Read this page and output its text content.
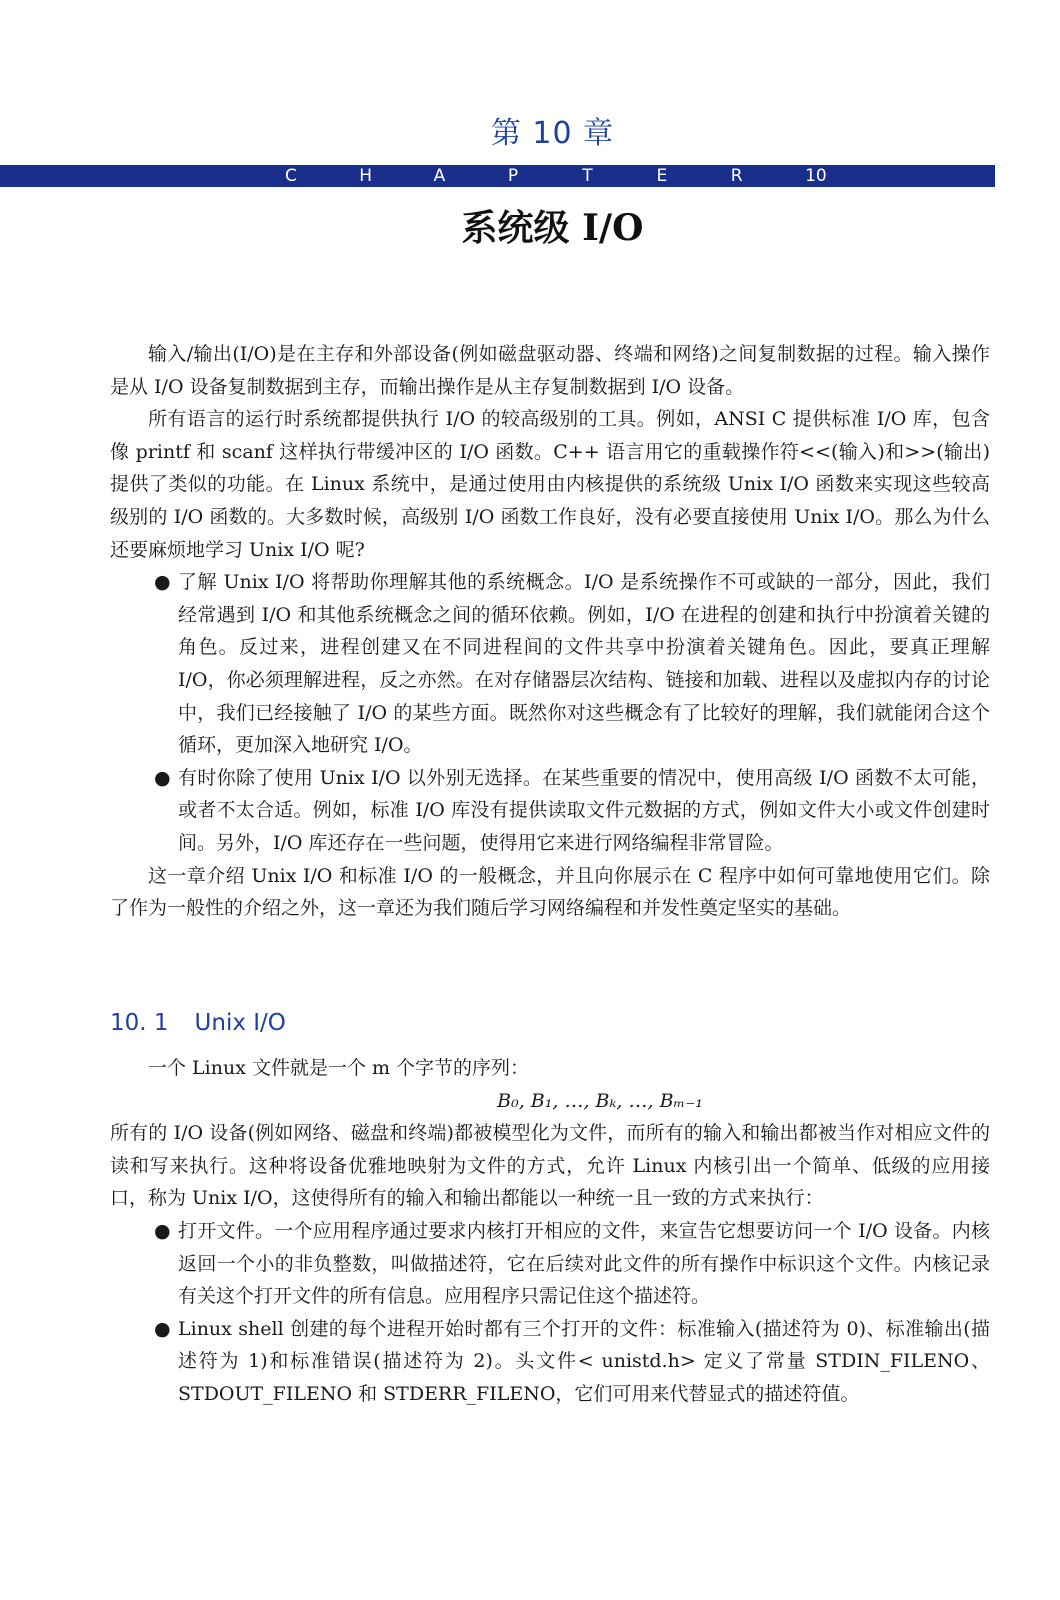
第 10 章
C	H	A	P	T	E	R	10
系统级 I/O

输入/输出(I/O)是在主存和外部设备(例如磁盘驱动器、终端和网络)之间复制数据的过程。输入操作是从 I/O 设备复制数据到主存，而输出操作是从主存复制数据到 I/O 设备。

所有语言的运行时系统都提供执行 I/O 的较高级别的工具。例如，ANSI C 提供标准 I/O 库，包含像 printf 和 scanf 这样执行带缓冲区的 I/O 函数。C++ 语言用它的重载操作符<<(输入)和>>(输出)提供了类似的功能。在 Linux 系统中，是通过使用由内核提供的系统级 Unix I/O 函数来实现这些较高级别的 I/O 函数的。大多数时候，高级别 I/O 函数工作良好，没有必要直接使用 Unix I/O。那么为什么还要麻烦地学习 Unix I/O 呢?

● 了解 Unix I/O 将帮助你理解其他的系统概念。I/O 是系统操作不可或缺的一部分，因此，我们经常遇到 I/O 和其他系统概念之间的循环依赖。例如，I/O 在进程的创建和执行中扮演着关键的角色。反过来，进程创建又在不同进程间的文件共享中扮演着关键角色。因此，要真正理解 I/O，你必须理解进程，反之亦然。在对存储器层次结构、链接和加载、进程以及虚拟内存的讨论中，我们已经接触了 I/O 的某些方面。既然你对这些概念有了比较好的理解，我们就能闭合这个循环，更加深入地研究 I/O。
● 有时你除了使用 Unix I/O 以外别无选择。在某些重要的情况中，使用高级 I/O 函数不太可能，或者不太合适。例如，标准 I/O 库没有提供读取文件元数据的方式，例如文件大小或文件创建时间。另外，I/O 库还存在一些问题，使得用它来进行网络编程非常冒险。

这一章介绍 Unix I/O 和标准 I/O 的一般概念，并且向你展示在 C 程序中如何可靠地使用它们。除了作为一般性的介绍之外，这一章还为我们随后学习网络编程和并发性奠定坚实的基础。

10. 1 Unix I/O

一个 Linux 文件就是一个 m 个字节的序列：

B₀, B₁, …, Bₖ, …, Bₘ₋₁

所有的 I/O 设备(例如网络、磁盘和终端)都被模型化为文件，而所有的输入和输出都被当作对相应文件的读和写来执行。这种将设备优雅地映射为文件的方式，允许 Linux 内核引出一个简单、低级的应用接口，称为 Unix I/O，这使得所有的输入和输出都能以一种统一且一致的方式来执行：

● 打开文件。一个应用程序通过要求内核打开相应的文件，来宣告它想要访问一个 I/O 设备。内核返回一个小的非负整数，叫做描述符，它在后续对此文件的所有操作中标识这个文件。内核记录有关这个打开文件的所有信息。应用程序只需记住这个描述符。
● Linux shell 创建的每个进程开始时都有三个打开的文件：标准输入(描述符为 0)、标准输出(描述符为 1)和标准错误(描述符为 2)。头文件< unistd.h> 定义了常量 STDIN_FILENO、STDOUT_FILENO 和 STDERR_FILENO，它们可用来代替显式的描述符值。
